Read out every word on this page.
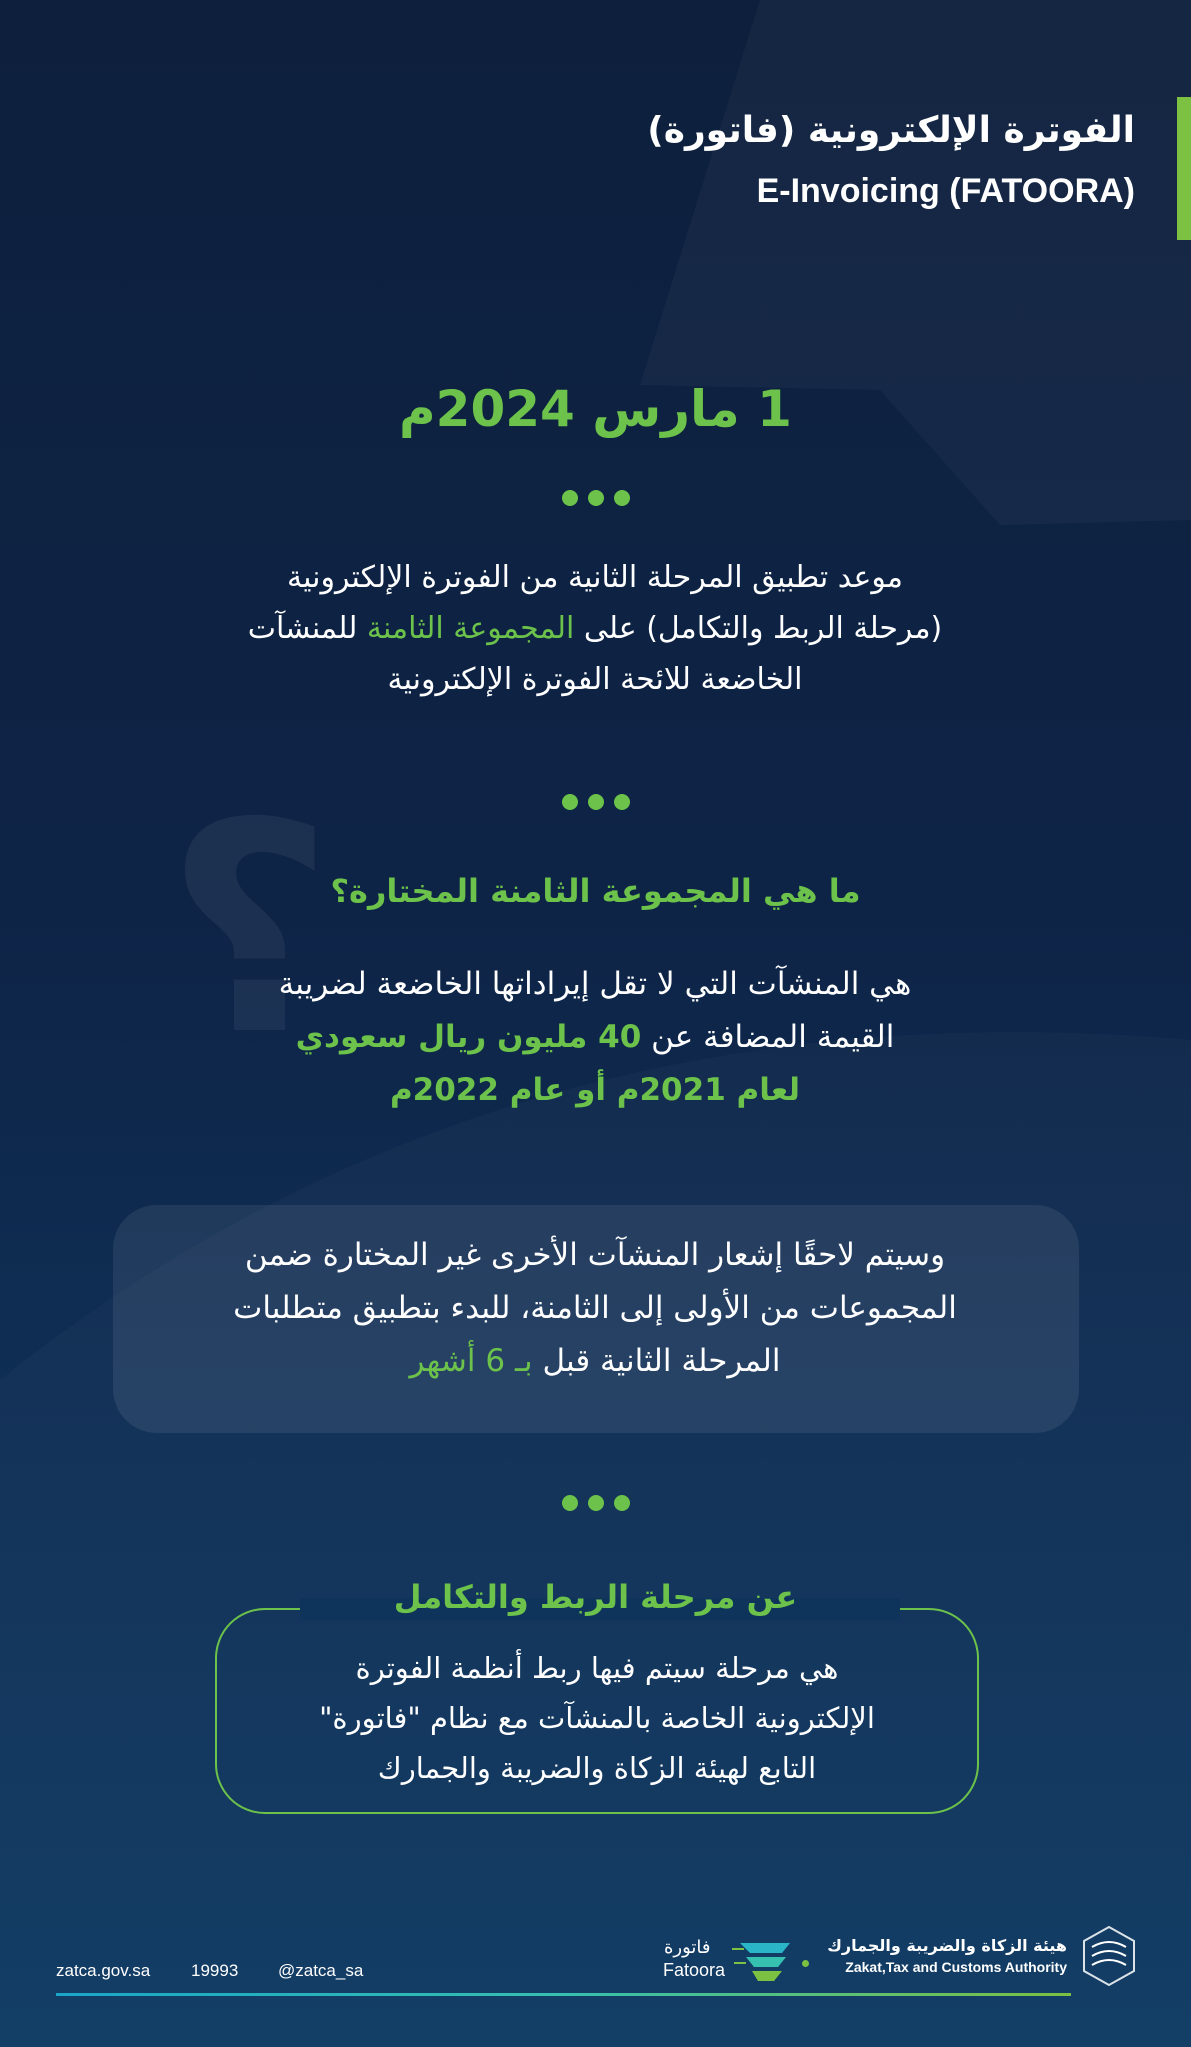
؟
الفوترة الإلكترونية (فاتورة)
E-Invoicing (FATOORA)
1 مارس 2024م
موعد تطبيق المرحلة الثانية من الفوترة الإلكترونية
(مرحلة الربط والتكامل) على المجموعة الثامنة للمنشآت
الخاضعة للائحة الفوترة الإلكترونية
ما هي المجموعة الثامنة المختارة؟
هي المنشآت التي لا تقل إيراداتها الخاضعة لضريبة
القيمة المضافة عن 40 مليون ريال سعودي
لعام 2021م أو عام 2022م
وسيتم لاحقًا إشعار المنشآت الأخرى غير المختارة ضمن
المجموعات من الأولى إلى الثامنة، للبدء بتطبيق متطلبات
المرحلة الثانية قبل بـ 6 أشهر
عن مرحلة الربط والتكامل
هي مرحلة سيتم فيها ربط أنظمة الفوترة
الإلكترونية الخاصة بالمنشآت مع نظام "فاتورة"
التابع لهيئة الزكاة والضريبة والجمارك
zatca.gov.sa 19993 @zatca_sa
فاتورة
Fatoora
هيئة الزكاة والضريبة والجمارك
Zakat,Tax and Customs Authority
